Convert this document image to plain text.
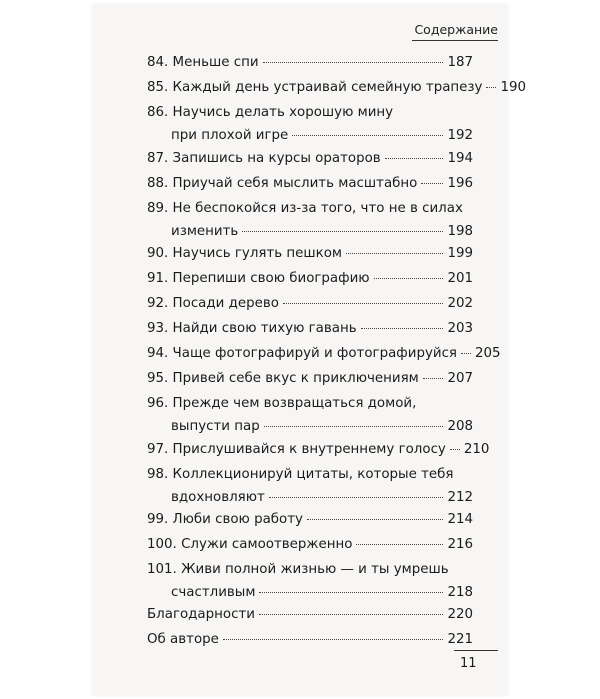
Содержание
84. Меньше спи	187
85. Каждый день устраивай семейную трапезу 190
86. Научись делать хорошую мину
при плохой игре	192
87. Запишись на курсы ораторов	194
88. Приучай себя мыслить масштабно 196
89. Не беспокойся из-за того, что не в силах
изменить	198
90. Научись гулять пешком	199
91. Перепиши свою биографию	201
92. Посади дерево	202
93. Найди свою тихую гавань	203
94. Чаще фотографируй и фотографируйся 205
95. Привей себе вкус к приключениям 207
96. Прежде чем возвращаться домой,
выпусти пар	208
97. Прислушивайся к внутреннему голосу 210
98. Коллекционируй цитаты, которые тебя
вдохновляют	212
99. Люби свою работу	214
100. Служи самоотверженно	216
101. Живи полной жизнью — и ты умрешь
счастливым	218
Благодарности	220
Об авторе	221
11
